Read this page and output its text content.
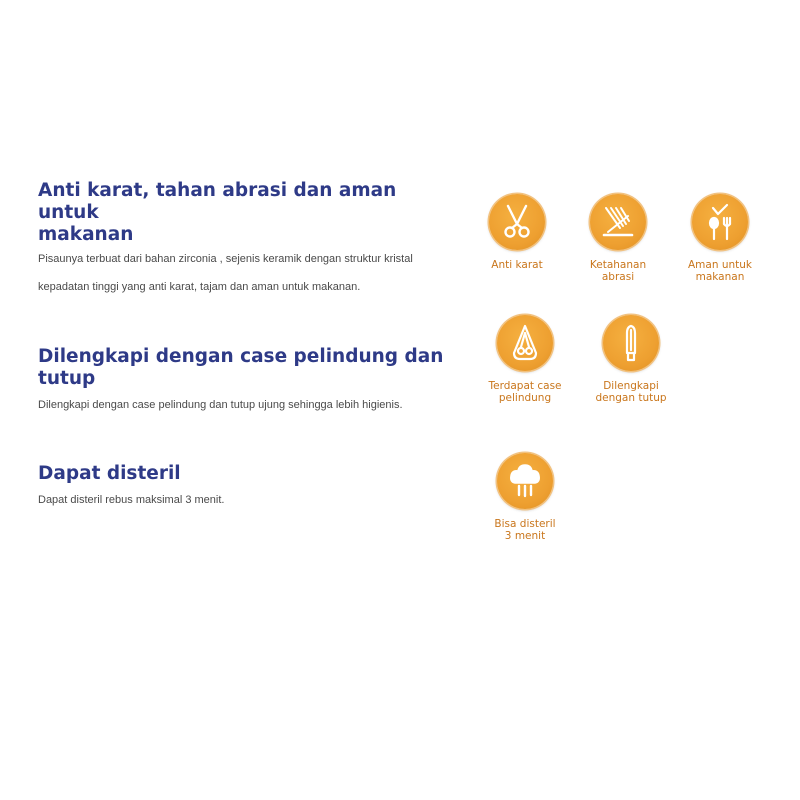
Anti karat, tahan abrasi dan aman untuk
makanan

Pisaunya terbuat dari bahan zirconia , sejenis keramik dengan struktur kristal

kepadatan tinggi yang anti karat, tajam dan aman untuk makanan.

Dilengkapi dengan case pelindung dan tutup

Dilengkapi dengan case pelindung dan tutup ujung sehingga lebih higienis.

Dapat disteril

Dapat disteril rebus maksimal 3 menit.

Anti karat	Ketahanan
abrasi
Aman untuk
makanan
Terdapat case
pelindung
Dilengkapi
dengan tutup
Bisa disteril
3 menit
